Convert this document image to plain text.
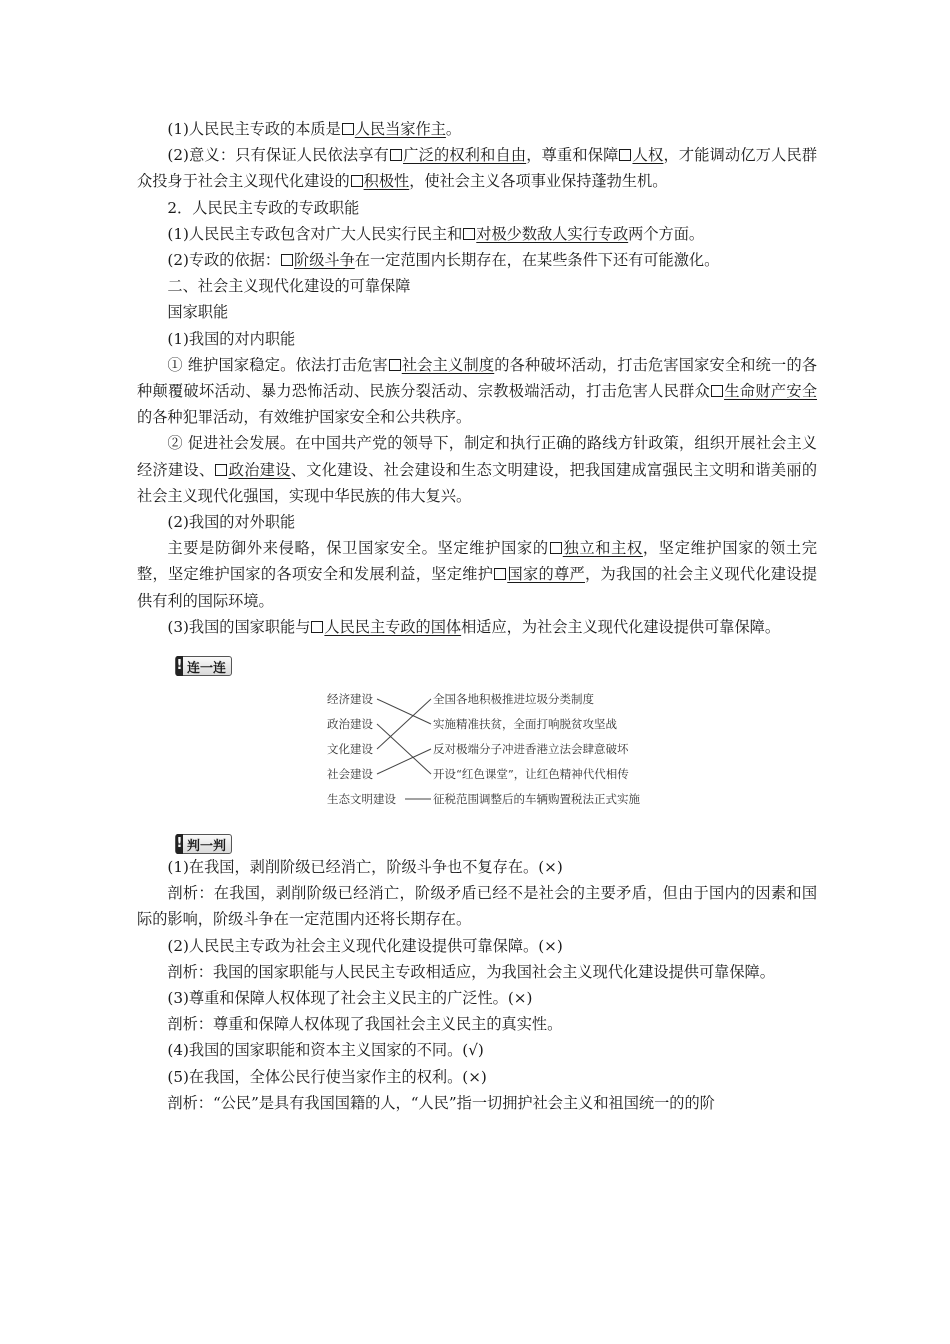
(1)人民民主专政的本质是 人民当家作主。

(2)意义：只有保证人民依法享有 广泛的权利和自由，尊重和保障 人权，才能调动亿万人民群众投身于社会主义现代化建设的 积极性，使社会主义各项事业保持蓬勃生机。

2．人民民主专政的专政职能

(1)人民民主专政包含对广大人民实行民主和 对极少数敌人实行专政两个方面。

(2)专政的依据： 阶级斗争在一定范围内长期存在，在某些条件下还有可能激化。

二、社会主义现代化建设的可靠保障

国家职能

(1)我国的对内职能

① 维护国家稳定。依法打击危害 社会主义制度的各种破坏活动，打击危害国家安全和统一的各种颠覆破坏活动、暴力恐怖活动、民族分裂活动、宗教极端活动，打击危害人民群众 生命财产安全的各种犯罪活动，有效维护国家安全和公共秩序。

② 促进社会发展。在中国共产党的领导下，制定和执行正确的路线方针政策，组织开展社会主义经济建设、 政治建设、文化建设、社会建设和生态文明建设，把我国建成富强民主文明和谐美丽的社会主义现代化强国，实现中华民族的伟大复兴。

(2)我国的对外职能

主要是防御外来侵略，保卫国家安全。坚定维护国家的 独立和主权，坚定维护国家的领土完整，坚定维护国家的各项安全和发展利益，坚定维护 国家的尊严，为我国的社会主义现代化建设提供有利的国际环境。

(3)我国的国家职能与 人民民主专政的国体相适应，为社会主义现代化建设提供可靠保障。

! 连一连
经济建设
政治建设
文化建设
社会建设
生态文明建设
全国各地积极推进垃圾分类制度
实施精准扶贫，全面打响脱贫攻坚战
反对极端分子冲进香港立法会肆意破坏
开设“红色课堂”，让红色精神代代相传
征税范围调整后的车辆购置税法正式实施
! 判一判

(1)在我国，剥削阶级已经消亡，阶级斗争也不复存在。(×)

剖析：在我国，剥削阶级已经消亡，阶级矛盾已经不是社会的主要矛盾，但由于国内的因素和国际的影响，阶级斗争在一定范围内还将长期存在。

(2)人民民主专政为社会主义现代化建设提供可靠保障。(×)

剖析：我国的国家职能与人民民主专政相适应，为我国社会主义现代化建设提供可靠保障。

(3)尊重和保障人权体现了社会主义民主的广泛性。(×)

剖析：尊重和保障人权体现了我国社会主义民主的真实性。

(4)我国的国家职能和资本主义国家的不同。(√)

(5)在我国，全体公民行使当家作主的权利。(×)

剖析：“公民”是具有我国国籍的人，“人民”指一切拥护社会主义和祖国统一的的阶
